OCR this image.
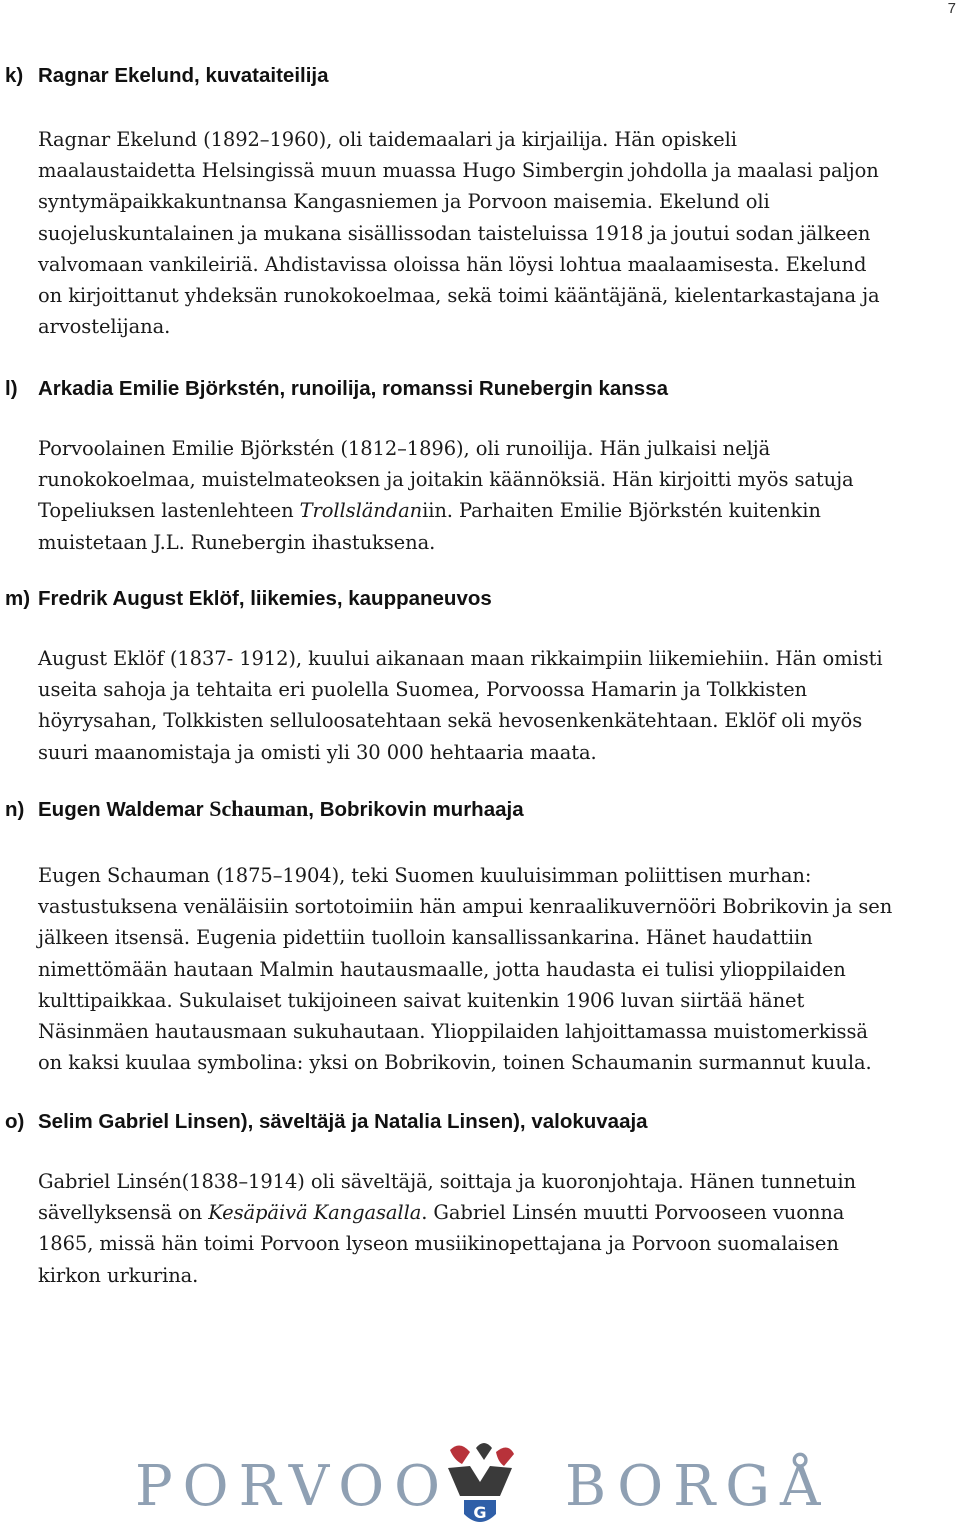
7

k) Ragnar Ekelund, kuvataiteilija

Ragnar Ekelund (1892–1960), oli taidemaalari ja kirjailija. Hän opiskeli
maalaustaidetta Helsingissä muun muassa Hugo Simbergin johdolla ja maalasi paljon
syntymäpaikkakuntnansa Kangasniemen ja Porvoon maisemia. Ekelund oli
suojeluskuntalainen ja mukana sisällissodan taisteluissa 1918 ja joutui sodan jälkeen
valvomaan vankileiriä. Ahdistavissa oloissa hän löysi lohtua maalaamisesta. Ekelund
on kirjoittanut yhdeksän runokokoelmaa, sekä toimi kääntäjänä, kielentarkastajana ja
arvostelijana.

l) Arkadia Emilie Björkstén, runoilija, romanssi Runebergin kanssa

Porvoolainen Emilie Björkstén (1812–1896), oli runoilija. Hän julkaisi neljä
runokokoelmaa, muistelmateoksen ja joitakin käännöksiä. Hän kirjoitti myös satuja
Topeliuksen lastenlehteen Trollsländaniin. Parhaiten Emilie Björkstén kuitenkin
muistetaan J.L. Runebergin ihastuksena.

m) Fredrik August Eklöf, liikemies, kauppaneuvos

August Eklöf (1837- 1912), kuului aikanaan maan rikkaimpiin liikemiehiin. Hän omisti
useita sahoja ja tehtaita eri puolella Suomea, Porvoossa Hamarin ja Tolkkisten
höyrysahan, Tolkkisten selluloosatehtaan sekä hevosenkenkätehtaan. Eklöf oli myös
suuri maanomistaja ja omisti yli 30 000 hehtaaria maata.

n) Eugen Waldemar Schauman, Bobrikovin murhaaja

Eugen Schauman (1875–1904), teki Suomen kuuluisimman poliittisen murhan:
vastustuksena venäläisiin sortotoimiin hän ampui kenraalikuvernööri Bobrikovin ja sen
jälkeen itsensä. Eugenia pidettiin tuolloin kansallissankarina. Hänet haudattiin
nimettömään hautaan Malmin hautausmaalle, jotta haudasta ei tulisi ylioppilaiden
kulttipaikkaa. Sukulaiset tukijoineen saivat kuitenkin 1906 luvan siirtää hänet
Näsinmäen hautausmaan sukuhautaan. Ylioppilaiden lahjoittamassa muistomerkissä
on kaksi kuulaa symbolina: yksi on Bobrikovin, toinen Schaumanin surmannut kuula.

o) Selim Gabriel Linsen), säveltäjä ja Natalia Linsen), valokuvaaja

Gabriel Linsén(1838–1914) oli säveltäjä, soittaja ja kuoronjohtaja. Hänen tunnetuin
sävellyksensä on Kesäpäivä Kangasalla. Gabriel Linsén muutti Porvooseen vuonna
1865, missä hän toimi Porvoon lyseon musiikinopettajana ja Porvoon suomalaisen
kirkon urkurina.
PORVOO G BORGÅ
